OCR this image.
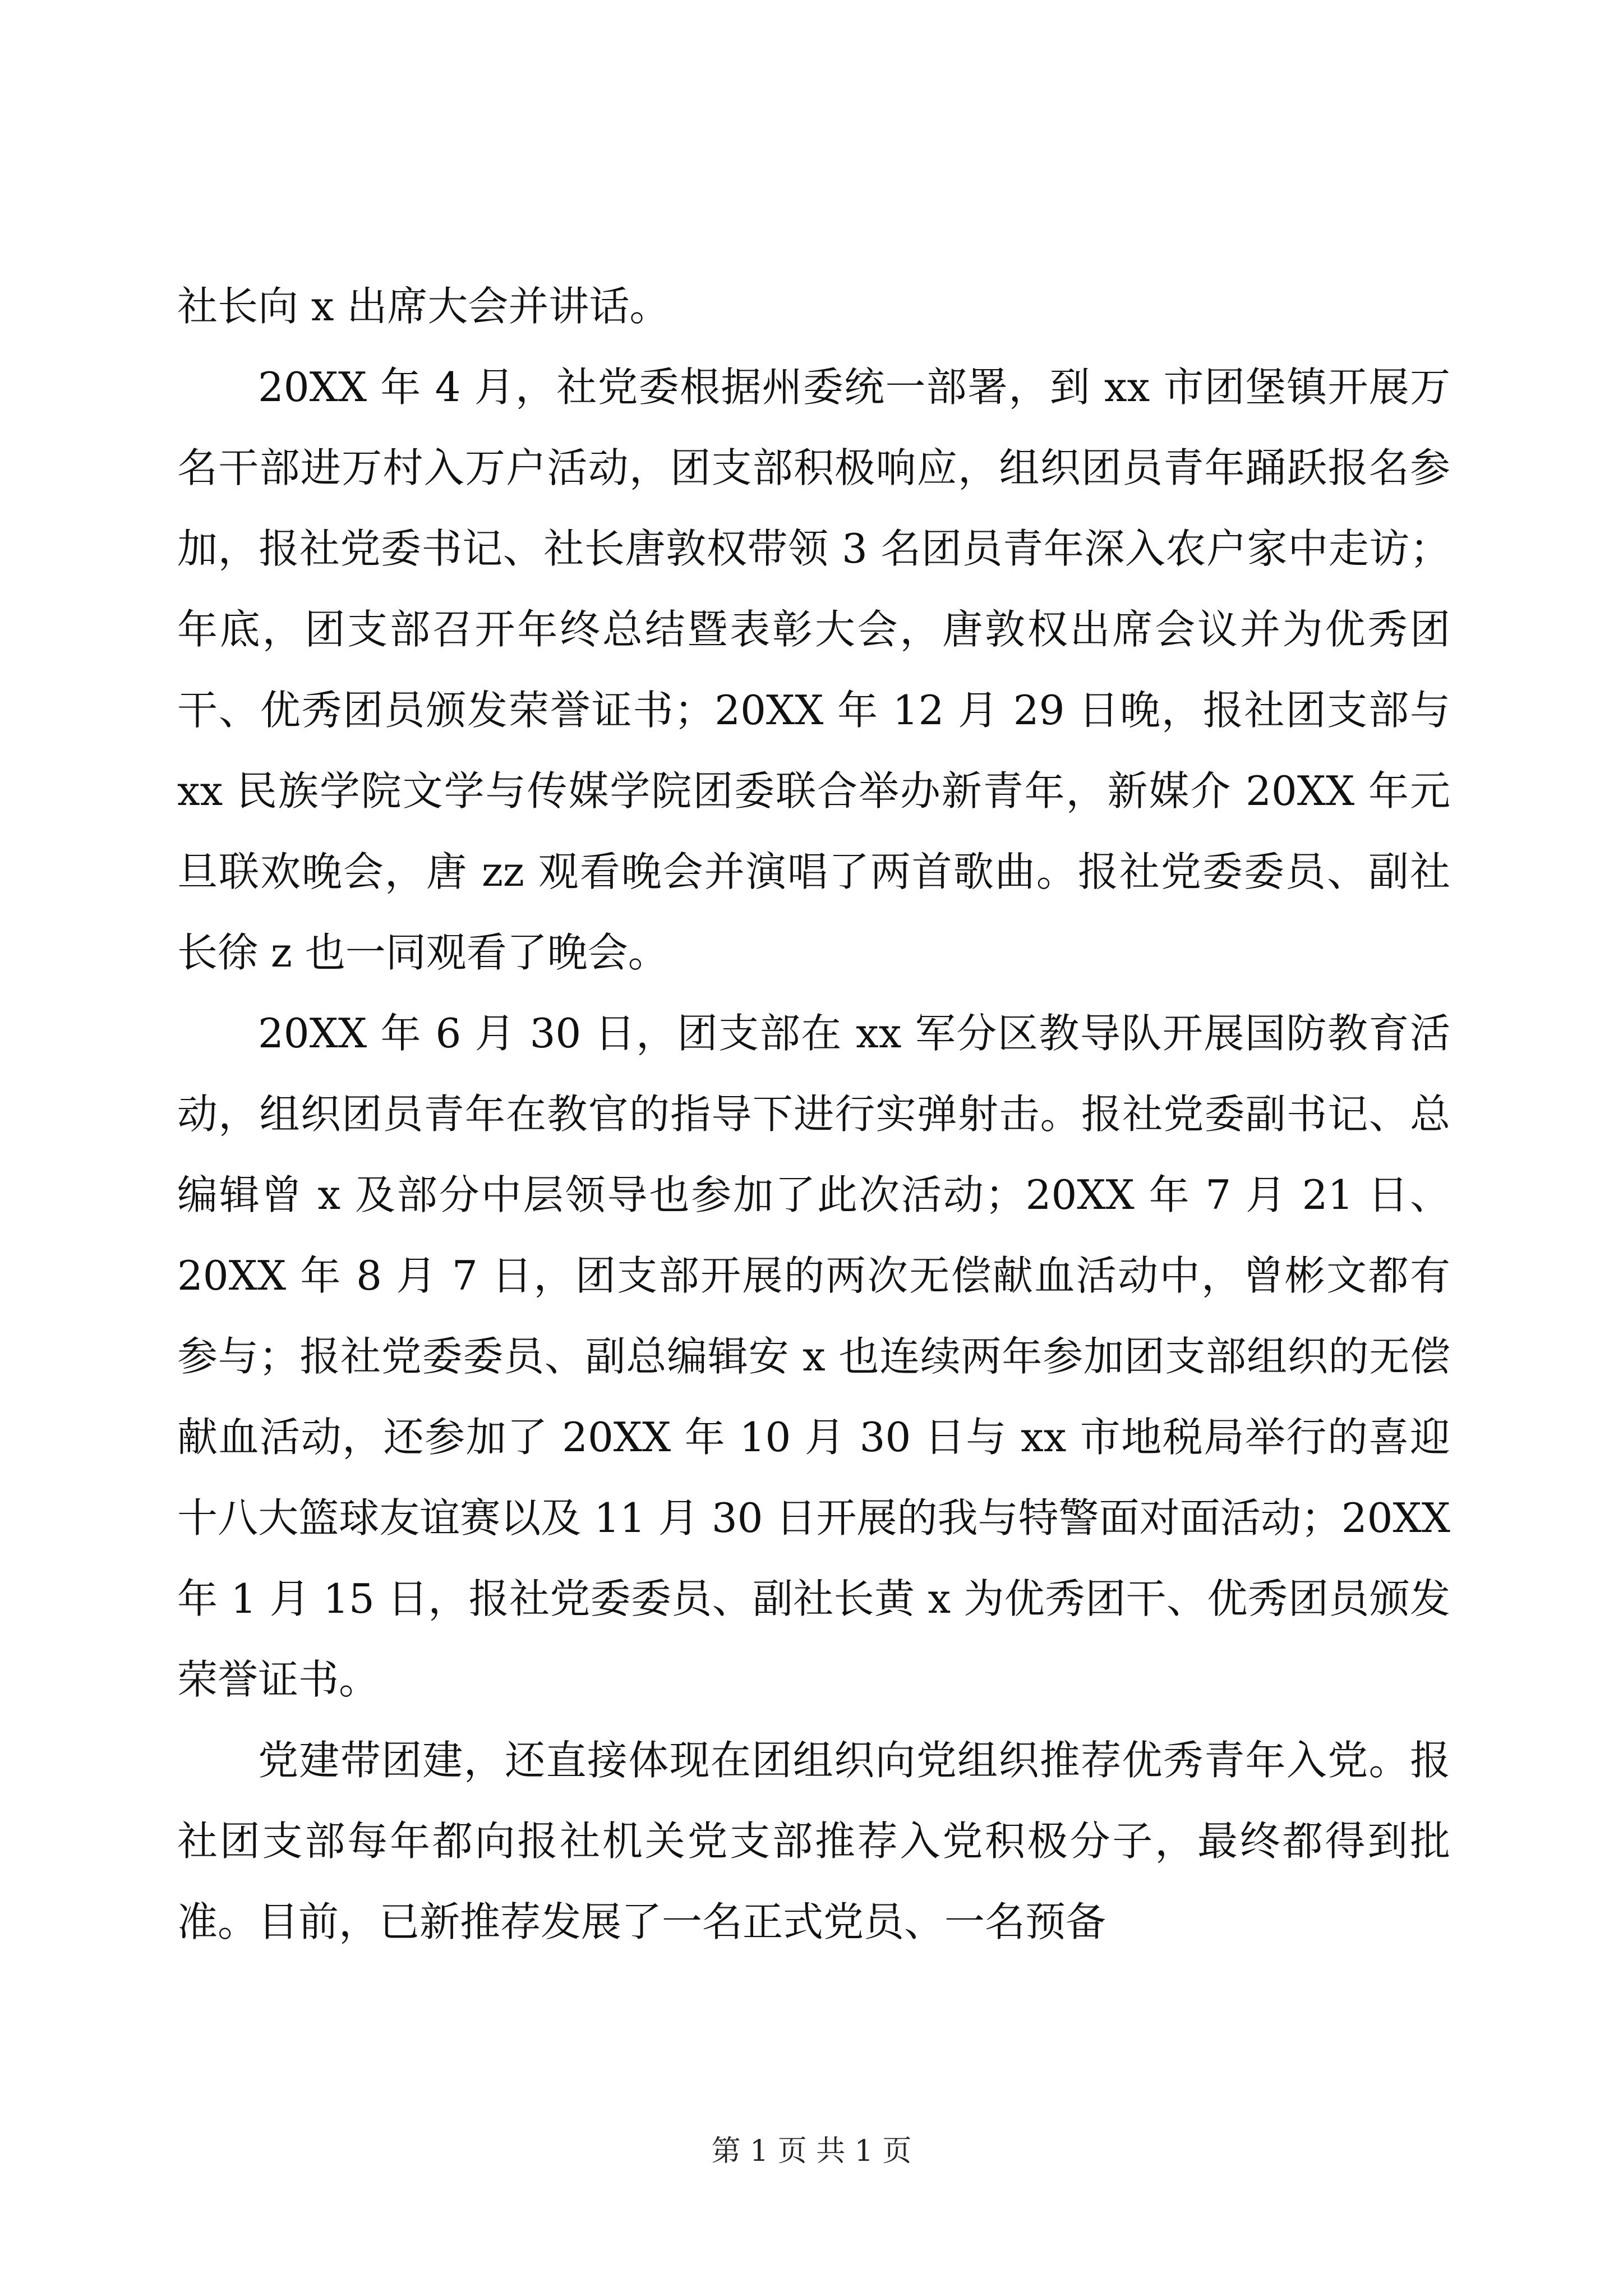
社长向 x 出席大会并讲话。

20XX 年 4 月，社党委根据州委统一部署，到 xx 市团堡镇开展万名干部进万村入万户活动，团支部积极响应，组织团员青年踊跃报名参加，报社党委书记、社长唐敦权带领 3 名团员青年深入农户家中走访；年底，团支部召开年终总结暨表彰大会，唐敦权出席会议并为优秀团干、优秀团员颁发荣誉证书；20XX 年 12 月 29 日晚，报社团支部与 xx 民族学院文学与传媒学院团委联合举办新青年，新媒介 20XX 年元旦联欢晚会，唐 zz 观看晚会并演唱了两首歌曲。报社党委委员、副社长徐 z 也一同观看了晚会。

20XX 年 6 月 30 日，团支部在 xx 军分区教导队开展国防教育活动，组织团员青年在教官的指导下进行实弹射击。报社党委副书记、总编辑曾 x 及部分中层领导也参加了此次活动；20XX 年 7 月 21 日、20XX 年 8 月 7 日，团支部开展的两次无偿献血活动中，曾彬文都有参与；报社党委委员、副总编辑安 x 也连续两年参加团支部组织的无偿献血活动，还参加了 20XX 年 10 月 30 日与 xx 市地税局举行的喜迎十八大篮球友谊赛以及 11 月 30 日开展的我与特警面对面活动；20XX 年 1 月 15 日，报社党委委员、副社长黄 x 为优秀团干、优秀团员颁发荣誉证书。

党建带团建，还直接体现在团组织向党组织推荐优秀青年入党。报社团支部每年都向报社机关党支部推荐入党积极分子，最终都得到批准。目前，已新推荐发展了一名正式党员、一名预备

第 1 页 共 1 页
